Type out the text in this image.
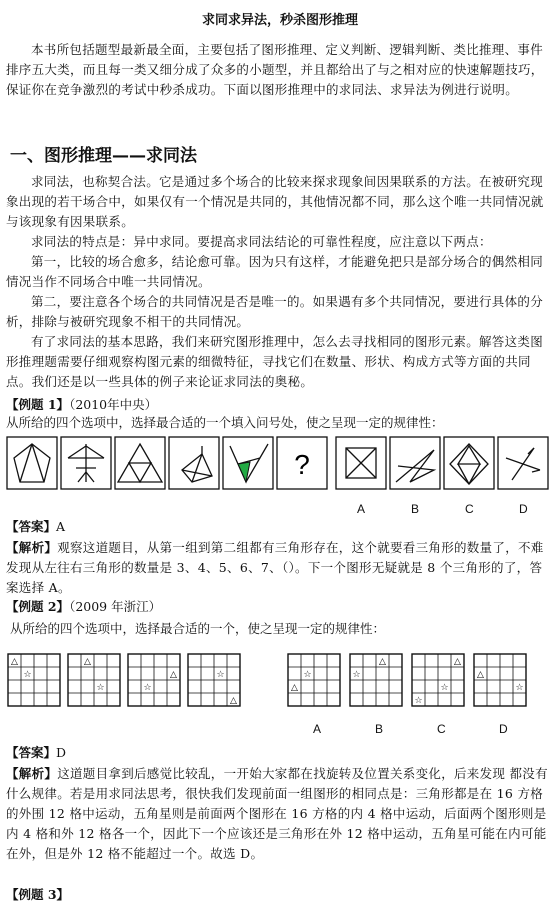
求同求异法，秒杀图形推理
本书所包括题型最新最全面，主要包括了图形推理、定义判断、逻辑判断、类比推理、事件排序五大类，而且每一类又细分成了众多的小题型，并且都给出了与之相对应的快速解题技巧，保证你在竞争激烈的考试中秒杀成功。下面以图形推理中的求同法、求异法为例进行说明。
一、图形推理——求同法
求同法，也称契合法。它是通过多个场合的比较来探求现象间因果联系的方法。在被研究现象出现的若干场合中，如果仅有一个情况是共同的，其他情况都不同，那么这个唯一共同情况就与该现象有因果联系。
求同法的特点是：异中求同。要提高求同法结论的可靠性程度，应注意以下两点：
第一，比较的场合愈多，结论愈可靠。因为只有这样，才能避免把只是部分场合的偶然相同情况当作不同场合中唯一共同情况。
第二，要注意各个场合的共同情况是否是唯一的。如果遇有多个共同情况，要进行具体的分析，排除与被研究现象不相干的共同情况。
有了求同法的基本思路，我们来研究图形推理中，怎么去寻找相同的图形元素。解答这类图形推理题需要仔细观察构图元素的细微特征，寻找它们在数量、形状、构成方式等方面的共同点。我们还是以一些具体的例子来论证求同法的奥秘。
【例题 1】（2010年中央）
从所给的四个选项中，选择最合适的一个填入问号处，使之呈现一定的规律性：
?
A	B	C	D
【答案】A
【解析】观察这道题目，从第一组到第二组都有三角形存在，这个就要看三角形的数量了，不难发现从左往右三角形的数量是 3、4、5、6、7、（）。下一个图形无疑就是 8 个三角形的了，答案选择 A。
【例题 2】（2009 年浙江）
从所给的四个选项中，选择最合适的一个，使之呈现一定的规律性：
△
☆
△
☆
△
☆
△
☆
△
☆
△
☆
△
☆
☆
△
☆
A	B	C	D
【答案】D
【解析】这道题目拿到后感觉比较乱，一开始大家都在找旋转及位置关系变化，后来发现 都没有什么规律。若是用求同法思考，很快我们发现前面一组图形的相同点是：三角形都是在 16 方格的外围 12 格中运动，五角星则是前面两个图形在 16 方格的内 4 格中运动，后面两个图形则是内 4 格和外 12 格各一个，因此下一个应该还是三角形在外 12 格中运动，五角星可能在内可能在外，但是外 12 格不能超过一个。故选 D。
【例题 3】
